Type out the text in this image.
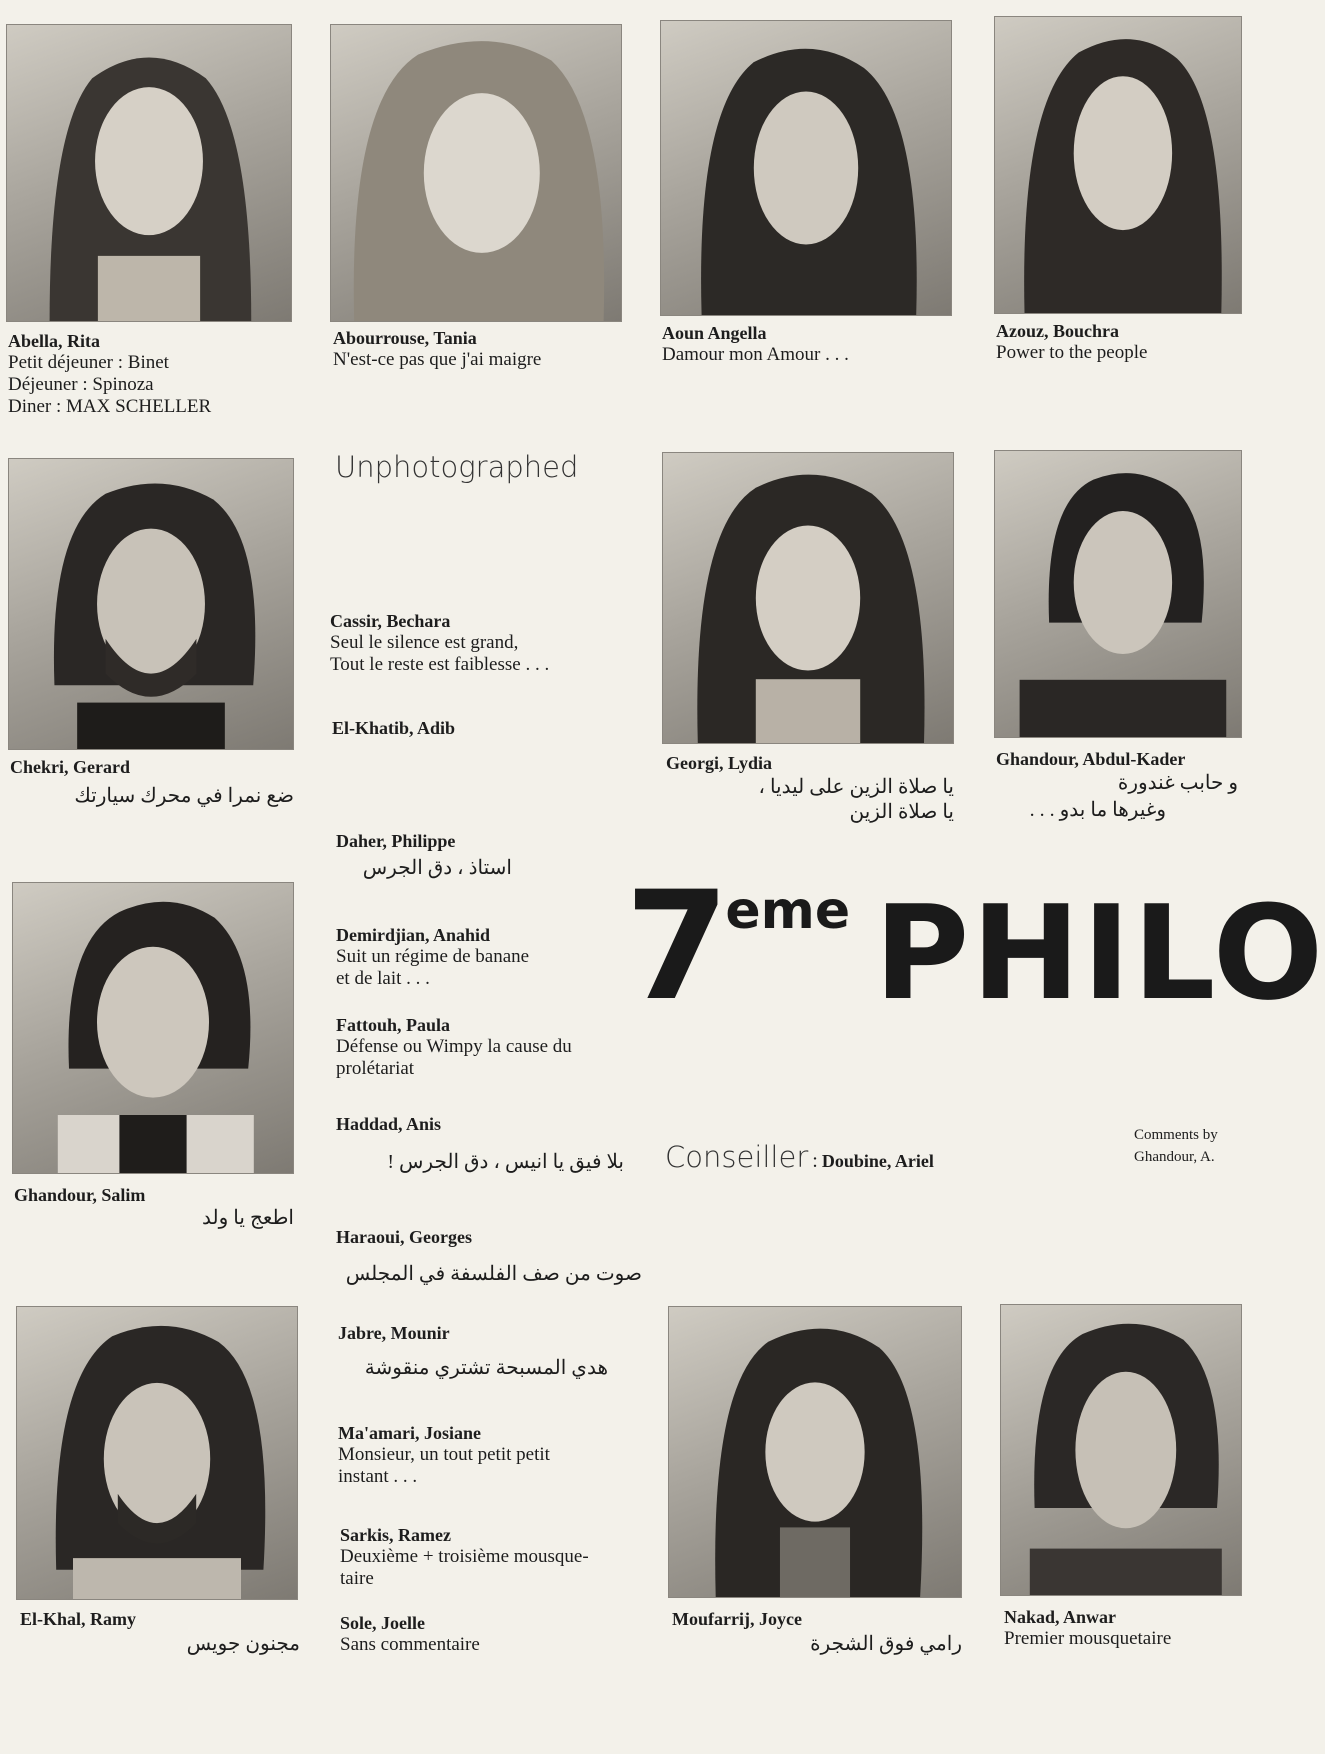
Abella, Rita
Petit déjeuner : Binet
Déjeuner : Spinoza
Diner : MAX SCHELLER
Abourrouse, Tania
N'est-ce pas que j'ai maigre
Aoun Angella
Damour mon Amour . . .
Azouz, Bouchra
Power to the people
Unphotographed
Chekri, Gerard
ضع نمرا في محرك سيارتك
Georgi, Lydia
يا صلاة الزين على ليديا ،
يا صلاة الزين
Ghandour, Abdul-Kader
و حابب غندورة
وغيرها ما بدو . . .
Cassir, Bechara
Seul le silence est grand,
Tout le reste est faiblesse . . .
El-Khatib, Adib
Daher, Philippe
استاذ ، دق الجرس
Demirdjian, Anahid
Suit un régime de banane
et de lait . . .
Fattouh, Paula
Défense ou Wimpy la cause du
prolétariat
Haddad, Anis
بلا فيق يا انيس ، دق الجرس !
Haraoui, Georges
صوت من صف الفلسفة في المجلس
Jabre, Mounir
هدي المسبحة تشتري منقوشة
Ma'amari, Josiane
Monsieur, un tout petit petit
instant . . .
Sarkis, Ramez
Deuxième + troisième mousque-
taire
Sole, Joelle
Sans commentaire
7eme PHILO
Conseiller : Doubine, Ariel
Comments by
Ghandour, A.
Ghandour, Salim
اطعج يا ولد
El-Khal, Ramy
مجنون جويس
Moufarrij, Joyce
رامي فوق الشجرة
Nakad, Anwar
Premier mousquetaire
